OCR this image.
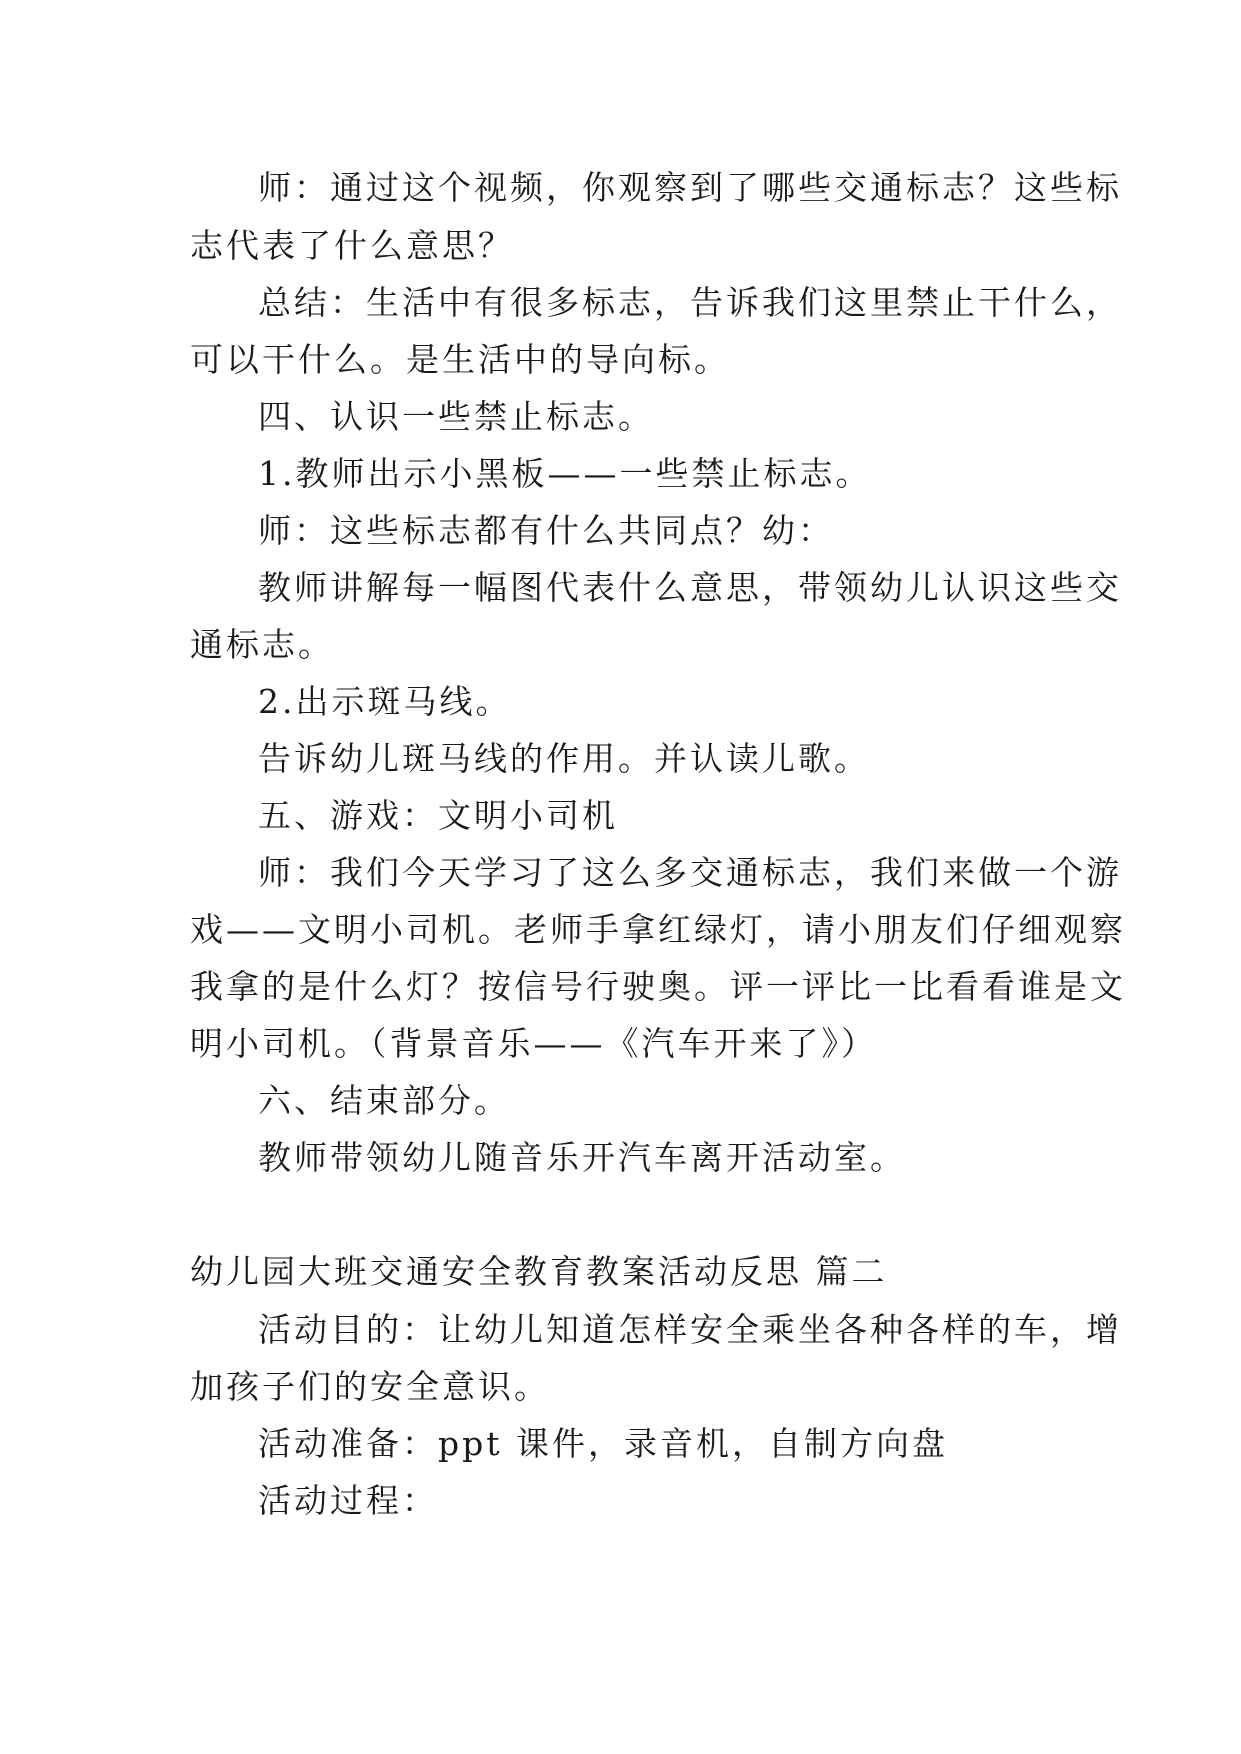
师：通过这个视频，你观察到了哪些交通标志？这些标
志代表了什么意思？
总结：生活中有很多标志，告诉我们这里禁止干什么，
可以干什么。是生活中的导向标。
四、认识一些禁止标志。
1.教师出示小黑板——一些禁止标志。
师：这些标志都有什么共同点？幼：
教师讲解每一幅图代表什么意思，带领幼儿认识这些交
通标志。
2.出示斑马线。
告诉幼儿斑马线的作用。并认读儿歌。
五、游戏：文明小司机
师：我们今天学习了这么多交通标志，我们来做一个游
戏——文明小司机。老师手拿红绿灯，请小朋友们仔细观察
我拿的是什么灯？按信号行驶奥。评一评比一比看看谁是文
明小司机。（背景音乐——《汽车开来了》）
六、结束部分。
教师带领幼儿随音乐开汽车离开活动室。
幼儿园大班交通安全教育教案活动反思 篇二
活动目的：让幼儿知道怎样安全乘坐各种各样的车，增
加孩子们的安全意识。
活动准备：ppt 课件，录音机，自制方向盘
活动过程：
